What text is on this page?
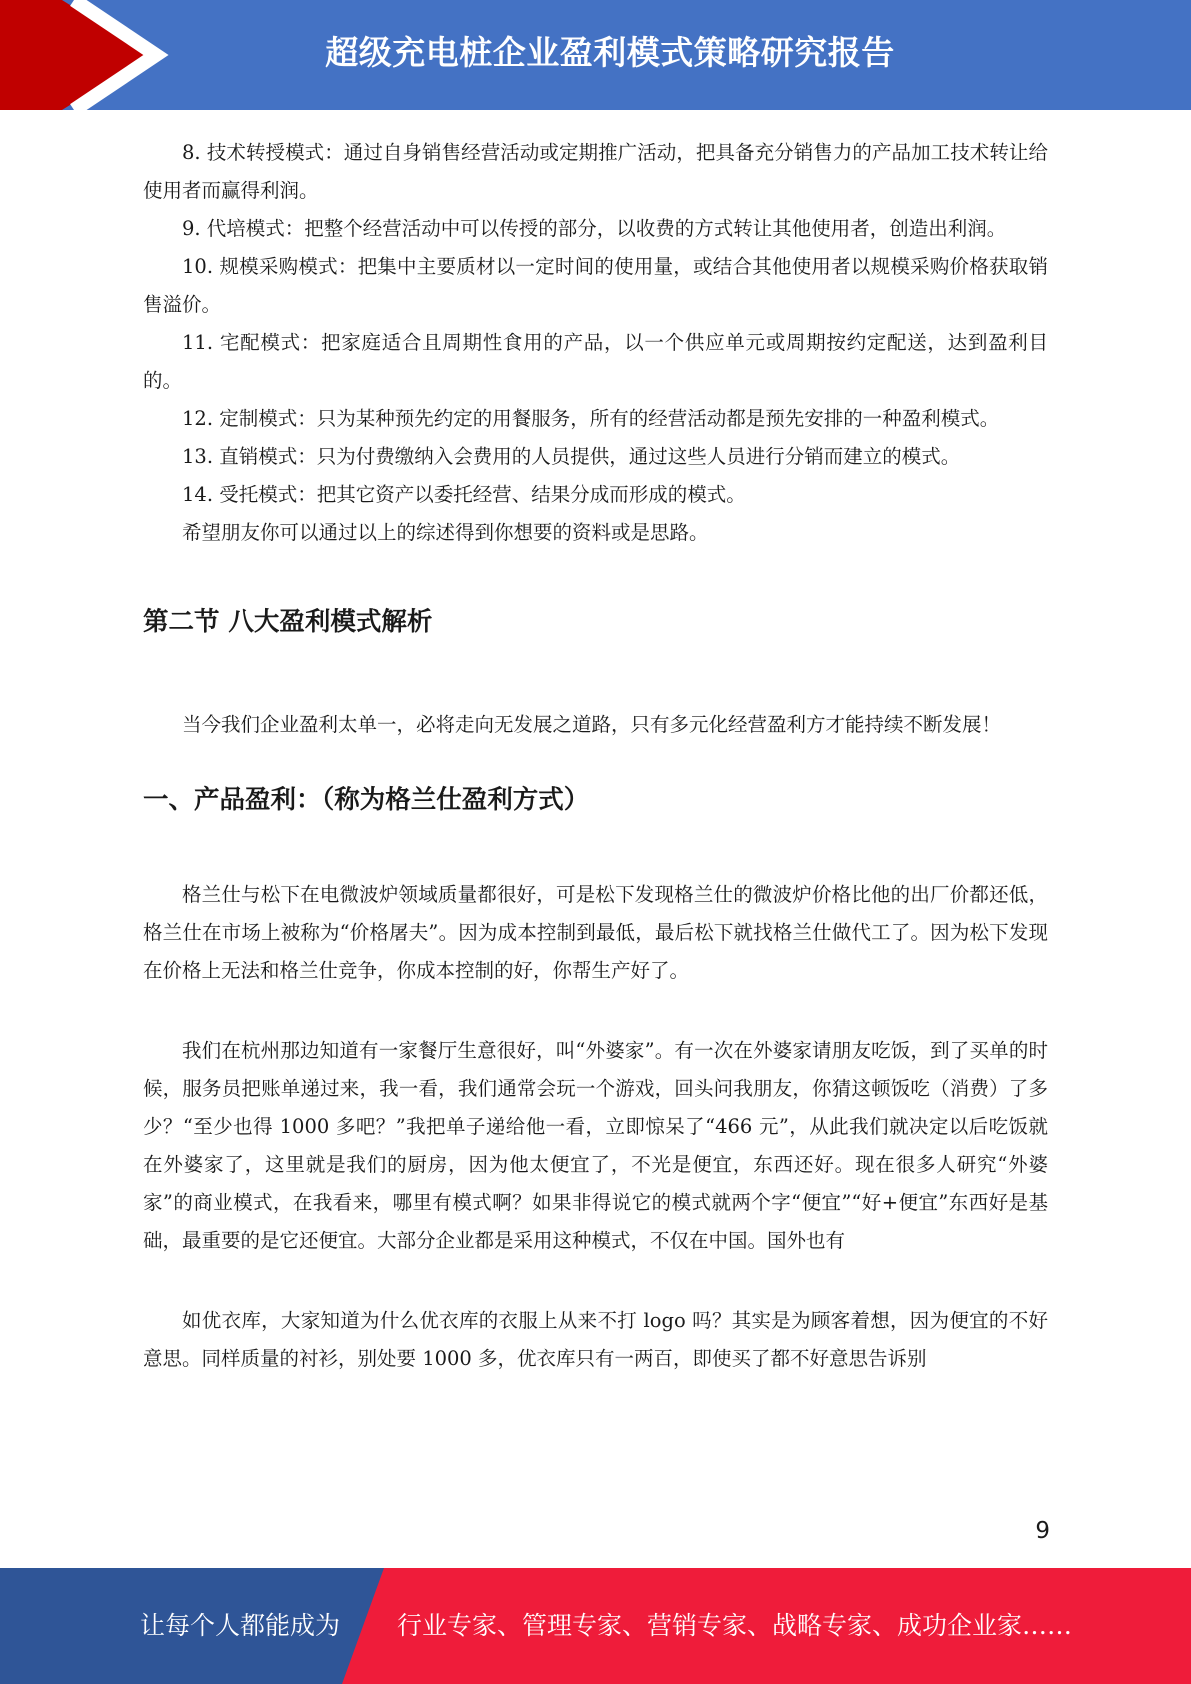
超级充电桩企业盈利模式策略研究报告

8. 技术转授模式：通过自身销售经营活动或定期推广活动，把具备充分销售力的产品加工技术转让给使用者而赢得利润。

9. 代培模式：把整个经营活动中可以传授的部分，以收费的方式转让其他使用者，创造出利润。

10. 规模采购模式：把集中主要质材以一定时间的使用量，或结合其他使用者以规模采购价格获取销售溢价。

11. 宅配模式：把家庭适合且周期性食用的产品，以一个供应单元或周期按约定配送，达到盈利目的。

12. 定制模式：只为某种预先约定的用餐服务，所有的经营活动都是预先安排的一种盈利模式。

13. 直销模式：只为付费缴纳入会费用的人员提供，通过这些人员进行分销而建立的模式。

14. 受托模式：把其它资产以委托经营、结果分成而形成的模式。

希望朋友你可以通过以上的综述得到你想要的资料或是思路。

第二节 八大盈利模式解析

当今我们企业盈利太单一，必将走向无发展之道路，只有多元化经营盈利方才能持续不断发展！

一、产品盈利：（称为格兰仕盈利方式）

格兰仕与松下在电微波炉领域质量都很好，可是松下发现格兰仕的微波炉价格比他的出厂价都还低，格兰仕在市场上被称为“价格屠夫”。因为成本控制到最低，最后松下就找格兰仕做代工了。因为松下发现在价格上无法和格兰仕竞争，你成本控制的好，你帮生产好了。

我们在杭州那边知道有一家餐厅生意很好，叫“外婆家”。有一次在外婆家请朋友吃饭，到了买单的时候，服务员把账单递过来，我一看，我们通常会玩一个游戏，回头问我朋友，你猜这顿饭吃（消费）了多少？“至少也得 1000 多吧？”我把单子递给他一看，立即惊呆了“466 元”，从此我们就决定以后吃饭就在外婆家了，这里就是我们的厨房，因为他太便宜了，不光是便宜，东西还好。现在很多人研究“外婆家”的商业模式，在我看来，哪里有模式啊？如果非得说它的模式就两个字“便宜”“好+便宜”东西好是基础，最重要的是它还便宜。大部分企业都是采用这种模式，不仅在中国。国外也有

如优衣库，大家知道为什么优衣库的衣服上从来不打 logo 吗？其实是为顾客着想，因为便宜的不好意思。同样质量的衬衫，别处要 1000 多，优衣库只有一两百，即使买了都不好意思告诉别

9
让每个人都能成为 行业专家、管理专家、营销专家、战略专家、成功企业家……
